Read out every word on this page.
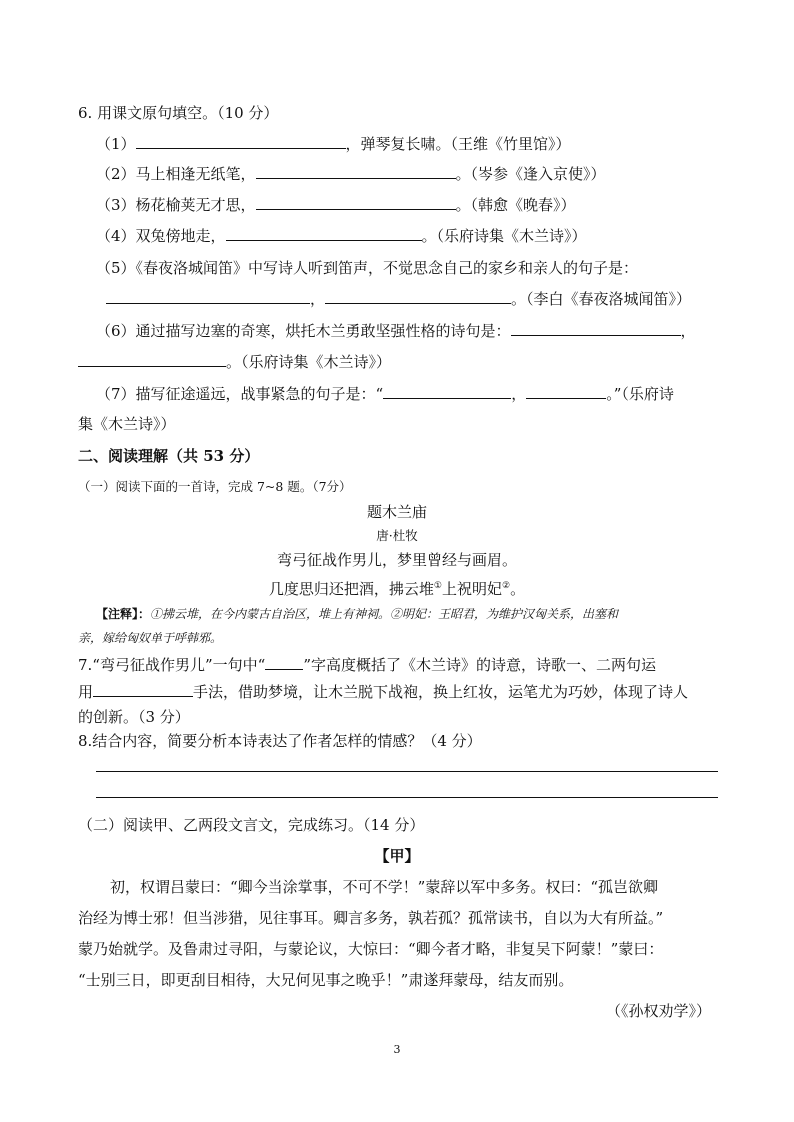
6. 用课文原句填空。（10 分）
（1）	，弹琴复长啸。（王维《竹里馆》）
（2）马上相逢无纸笔，	。（岑参《逢入京使》）
（3）杨花榆荚无才思，	。（韩愈《晚春》）
（4）双兔傍地走，	。（乐府诗集《木兰诗》）
（5）《春夜洛城闻笛》中写诗人听到笛声，不觉思念自己的家乡和亲人的句子是：
，	。（李白《春夜洛城闻笛》）
（6）通过描写边塞的奇寒，烘托木兰勇敢坚强性格的诗句是：	，
。（乐府诗集《木兰诗》）
（7）描写征途遥远，战事紧急的句子是：“	，	。”（乐府诗
集《木兰诗》）
二、阅读理解（共 53 分）
（一）阅读下面的一首诗，完成 7~8 题。（7分）
题木兰庙
唐·杜牧
弯弓征战作男儿，梦里曾经与画眉。
几度思归还把酒，拂云堆①上祝明妃②。
【注释】：①拂云堆，在今内蒙古自治区，堆上有神祠。②明妃：王昭君，为维护汉匈关系，出塞和
亲，嫁给匈奴单于呼韩邪。
7.“弯弓征战作男儿”一句中“	”字高度概括了《木兰诗》的诗意，诗歌一、二两句运
用	手法，借助梦境，让木兰脱下战袍，换上红妆，运笔尤为巧妙，体现了诗人
的创新。（3 分）
8.结合内容，简要分析本诗表达了作者怎样的情感？（4 分）
（二）阅读甲、乙两段文言文，完成练习。（14 分）
【甲】
初，权谓吕蒙曰：“卿今当涂掌事，不可不学！”蒙辞以军中多务。权曰：“孤岂欲卿
治经为博士邪！但当涉猎，见往事耳。卿言多务，孰若孤？孤常读书，自以为大有所益。”
蒙乃始就学。及鲁肃过寻阳，与蒙论议，大惊曰：“卿今者才略，非复吴下阿蒙！”蒙曰：
“士别三日，即更刮目相待，大兄何见事之晚乎！”肃遂拜蒙母，结友而别。
（《孙权劝学》）
3
